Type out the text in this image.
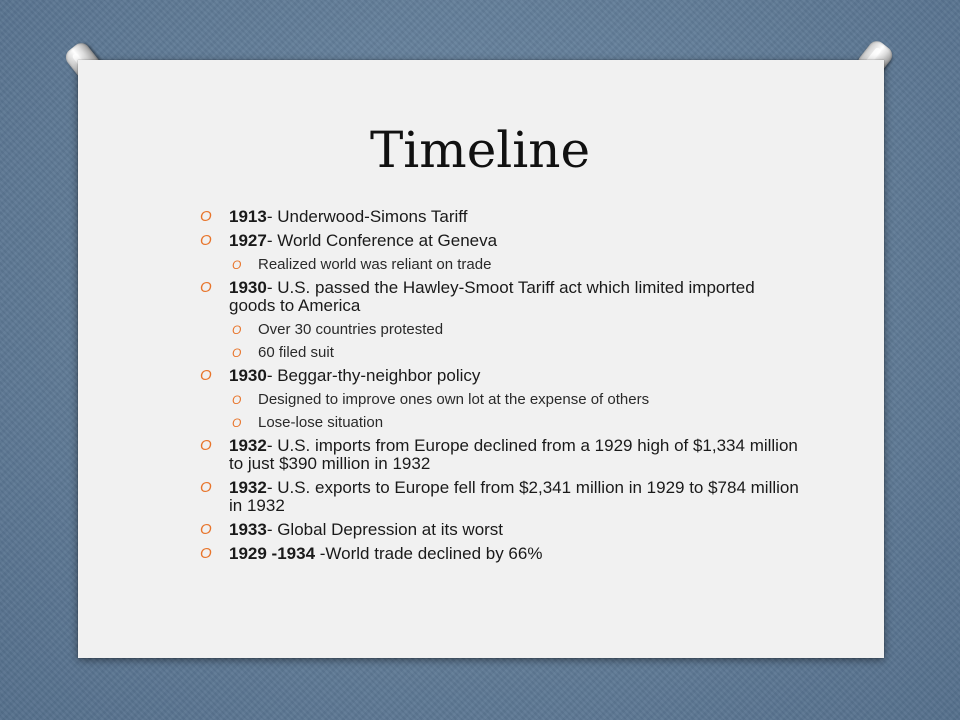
Timeline
O 1913- Underwood-Simons Tariff
O 1927- World Conference at Geneva
O Realized world was reliant on trade
O 1930- U.S. passed the Hawley-Smoot Tariff act which limited imported goods to America
O Over 30 countries protested
O 60 filed suit
O 1930- Beggar-thy-neighbor policy
O Designed to improve ones own lot at the expense of others
O Lose-lose situation
O 1932- U.S. imports from Europe declined from a 1929 high of $1,334 million to just $390 million in 1932
O 1932- U.S. exports to Europe fell from $2,341 million in 1929 to $784 million in 1932
O 1933- Global Depression at its worst
O 1929 -1934 -World trade declined by 66%
